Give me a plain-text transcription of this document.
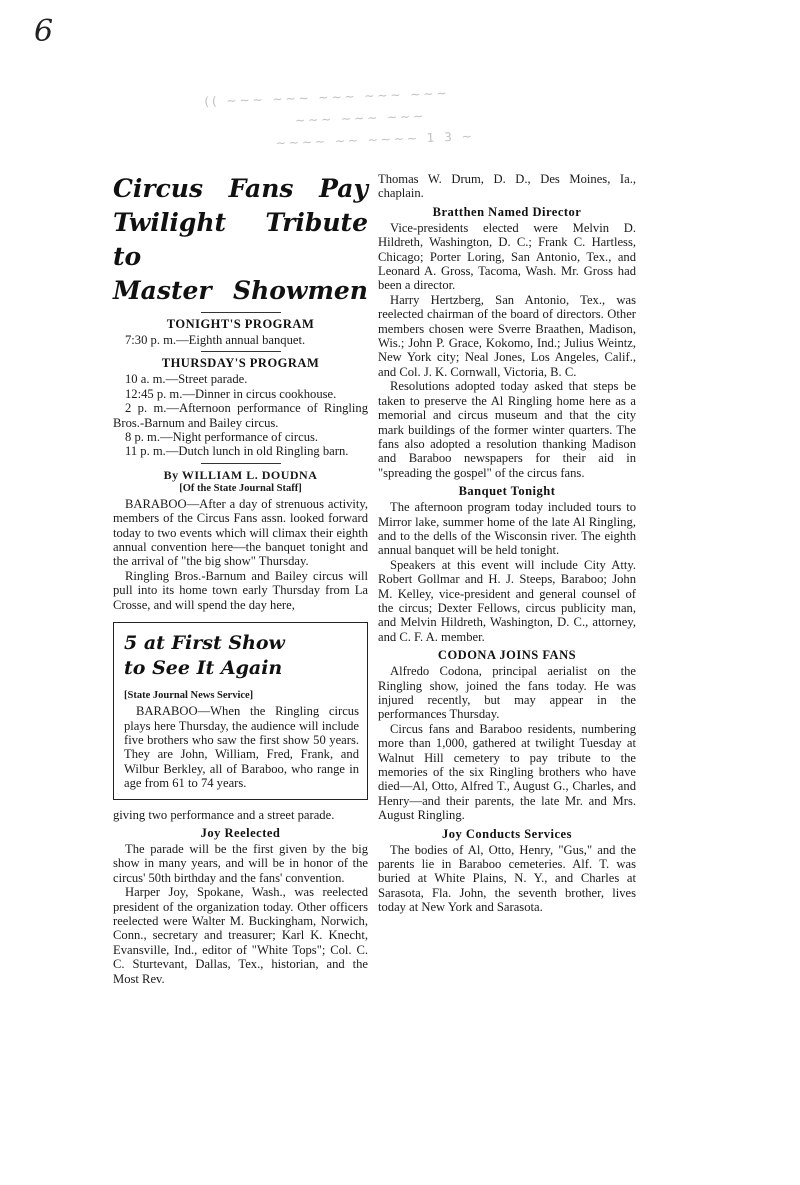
6
(( ~~~ ~~~ ~~~ ~~~ ~~~
~~~ ~~~ ~~~
~~~~ ~~ ~~~~ 1 3 ~
Circus Fans Pay
Twilight Tribute to
Master Showmen
TONIGHT'S PROGRAM

7:30 p. m.—Eighth annual banquet.

THURSDAY'S PROGRAM

10 a. m.—Street parade.

12:45 p. m.—Dinner in circus cookhouse.

2 p. m.—Afternoon performance of Ringling Bros.-Barnum and Bailey circus.

8 p. m.—Night performance of circus.

11 p. m.—Dutch lunch in old Ringling barn.

By WILLIAM L. DOUDNA
[Of the State Journal Staff]

BARABOO—After a day of strenuous activity, members of the Circus Fans assn. looked forward today to two events which will climax their eighth annual convention here—the banquet tonight and the arrival of "the big show" Thursday.

Ringling Bros.-Barnum and Bailey circus will pull into its home town early Thursday from La Crosse, and will spend the day here,

5 at First Show
to See It Again
[State Journal News Service]

BARABOO—When the Ringling circus plays here Thursday, the audience will include five brothers who saw the first show 50 years. They are John, William, Fred, Frank, and Wilbur Berkley, all of Baraboo, who range in age from 61 to 74 years.

giving two performance and a street parade.

Joy Reelected

The parade will be the first given by the big show in many years, and will be in honor of the circus' 50th birthday and the fans' convention.

Harper Joy, Spokane, Wash., was reelected president of the organization today. Other officers reelected were Walter M. Buckingham, Norwich, Conn., secretary and treasurer; Karl K. Knecht, Evansville, Ind., editor of "White Tops"; Col. C. C. Sturtevant, Dallas, Tex., historian, and the Most Rev.

Thomas W. Drum, D. D., Des Moines, Ia., chaplain.

Bratthen Named Director

Vice-presidents elected were Melvin D. Hildreth, Washington, D. C.; Frank C. Hartless, Chicago; Porter Loring, San Antonio, Tex., and Leonard A. Gross, Tacoma, Wash. Mr. Gross had been a director.

Harry Hertzberg, San Antonio, Tex., was reelected chairman of the board of directors. Other members chosen were Sverre Braathen, Madison, Wis.; John P. Grace, Kokomo, Ind.; Julius Weintz, New York city; Neal Jones, Los Angeles, Calif., and Col. J. K. Cornwall, Victoria, B. C.

Resolutions adopted today asked that steps be taken to preserve the Al Ringling home here as a memorial and circus museum and that the city mark buildings of the former winter quarters. The fans also adopted a resolution thanking Madison and Baraboo newspapers for their aid in "spreading the gospel" of the circus fans.

Banquet Tonight

The afternoon program today included tours to Mirror lake, summer home of the late Al Ringling, and to the dells of the Wisconsin river. The eighth annual banquet will be held tonight.

Speakers at this event will include City Atty. Robert Gollmar and H. J. Steeps, Baraboo; John M. Kelley, vice-president and general counsel of the circus; Dexter Fellows, circus publicity man, and Melvin Hildreth, Washington, D. C., attorney, and C. F. A. member.

CODONA JOINS FANS

Alfredo Codona, principal aerialist on the Ringling show, joined the fans today. He was injured recently, but may appear in the performances Thursday.

Circus fans and Baraboo residents, numbering more than 1,000, gathered at twilight Tuesday at Walnut Hill cemetery to pay tribute to the memories of the six Ringling brothers who have died—Al, Otto, Alfred T., August G., Charles, and Henry—and their parents, the late Mr. and Mrs. August Ringling.

Joy Conducts Services

The bodies of Al, Otto, Henry, "Gus," and the parents lie in Baraboo cemeteries. Alf. T. was buried at White Plains, N. Y., and Charles at Sarasota, Fla. John, the seventh brother, lives today at New York and Sarasota.
